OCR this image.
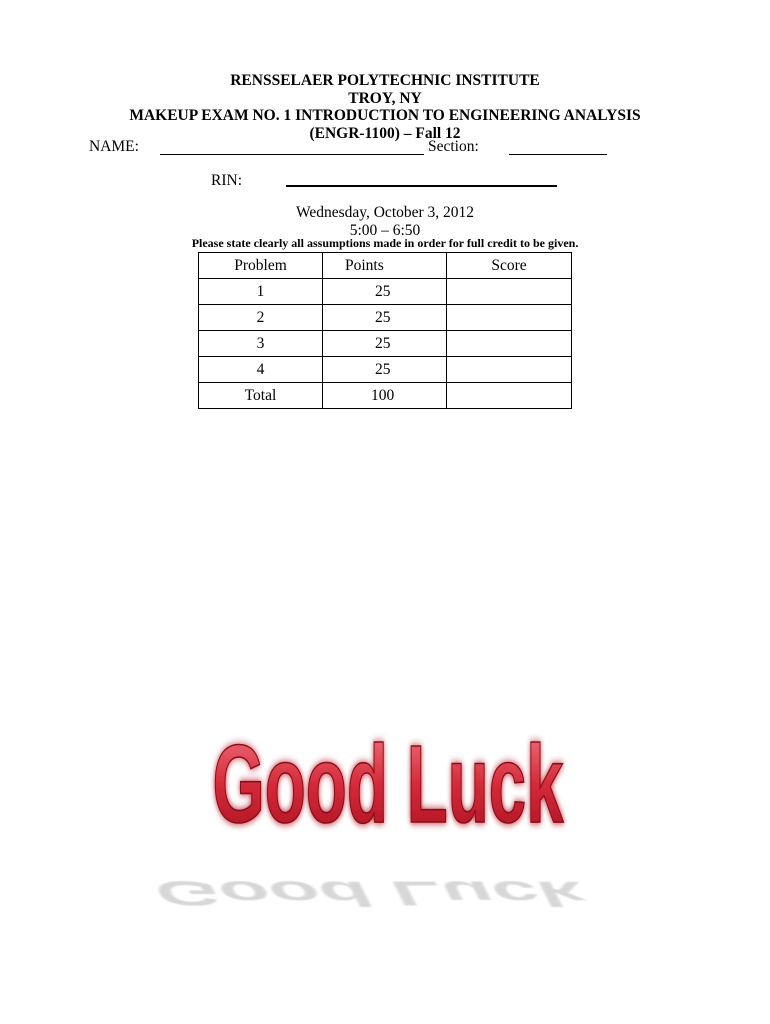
RENSSELAER POLYTECHNIC INSTITUTE
TROY, NY
MAKEUP EXAM NO. 1 INTRODUCTION TO ENGINEERING ANALYSIS
(ENGR-1100) – Fall 12
NAME:	Section:
RIN:
Wednesday, October 3, 2012
5:00 – 6:50
Please state clearly all assumptions made in order for full credit to be given.
Problem	Points	Score
1	25	
2	25	
3	25	
4	25	
Total	100	
Good Luck
Good Luck
